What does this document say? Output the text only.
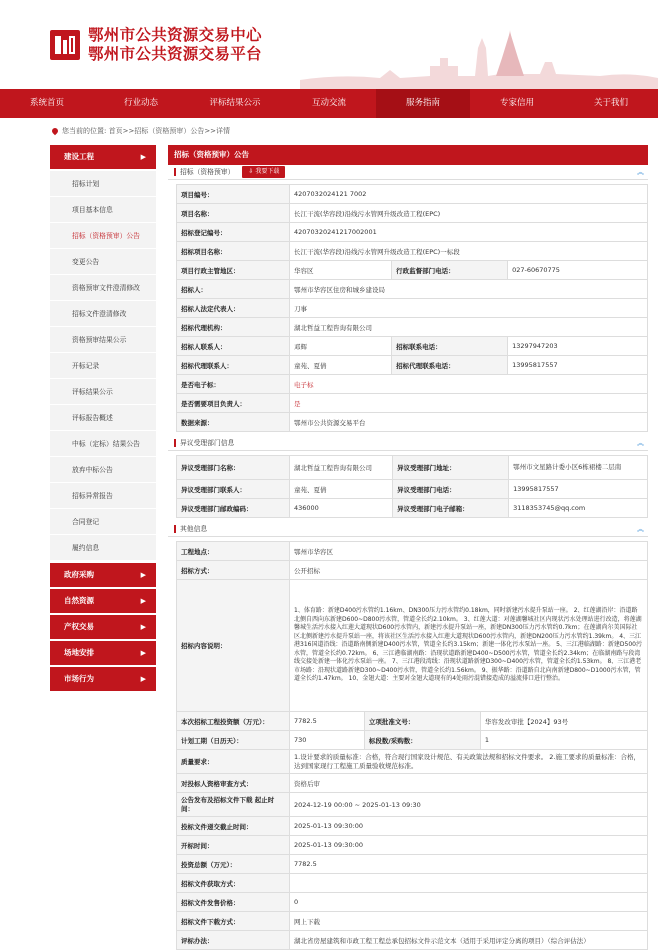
鄂州市公共资源交易中心
鄂州市公共资源交易平台
系统首页	行业动态	评标结果公示	互动交流	服务指南	专家信用	关于我们
您当前的位置: 首页>>招标（资格预审）公告>>详情
建设工程	▶
招标计划
项目基本信息
招标（资格预审）公告
变更公告
资格预审文件澄清修改
招标文件澄清修改
资格预审结果公示
开标记录
评标结果公示
评标报告概述
中标（定标）结果公告
放弃中标公告
招标异常报告
合同登记
履约信息
政府采购	▶
自然资源	▶
产权交易	▶
场地安排	▶
市场行为	▶
招标（资格预审）公告
招标（资格预审）	⇩ 我要下载	︽
项目编号：	4207032024121 7002		
项目名称：	长江干流(华容段)沿线污水管网升级改造工程(EPC)		
招标登记编号：	42070320241217002001		
招标项目名称：	长江干流(华容段)沿线污水管网升级改造工程(EPC)一标段		
项目行政主管地区：	华容区	行政监督部门电话：	027-60670775
招标人：	鄂州市华容区住房和城乡建设局		
招标人法定代表人：	刀事		
招标代理机构：	湖北哲益工程咨询有限公司		
招标人联系人：	邓辉	招标联系电话：	13297947203
招标代理联系人：	童苑、夏倩	招标代理联系电话：	13995817557
是否电子标：	电子标		
是否需要项目负责人：	是		
数据来源：	鄂州市公共资源交易平台		
异议受理部门信息	︽
异议受理部门名称：	湖北哲益工程咨询有限公司	异议受理部门地址：	鄂州市文星路计委小区6栋裙楼二层南
异议受理部门联系人：	童苑、夏倩	异议受理部门电话：	13995817557
异议受理部门邮政编码：	436000	异议受理部门电子邮箱：	3118353745@qq.com
其他信息	︽
工程地点：	鄂州市华容区		
招标方式：	公开招标		
招标内容说明：	1、体育路：新建D400污水管约1.16km、DN300压力污水管约0.18km，同时新建污水提升泵站一座。 2、红莲湖沿岸：沿道路北侧自西向东新建D600~D800污水管，管道全长约2.10km。 3、红莲大道：对莲湖馨城社区内现状污水处理站进行改造，将莲湖馨城生活污水接入红莲大道现状D600污水管内，新建污水提升泵站一座，新建DN300压力污水管约0.7km；在莲湖尚尔美国际社区北侧新建污水提升泵站一座，将该社区生活污水接入红莲大道现状D600污水管内，新建DN200压力污水管约1.39km。 4、三江港316国道沿线：沿道路南侧新建D400污水管，管道全长约3.15km；新建一体化污水泵站一座。 5、三江港临湖路：新建D500污水管，管道全长约0.72km。 6、三江港临湖南路：沿现状道路新建D400~D500污水管，管道全长约2.34km；在临湖南路与段湾线交接处新建一体化污水泵站一座。 7、三江港段湾线：沿现状道路新建D300~D400污水管，管道全长约1.53km。 8、三江港老市场路：沿现状道路新建D300~D400污水管，管道全长约1.56km。 9、振华路：沿道路自北向南新建D800~D1000污水管，管道全长约1.47km。 10、金翅大道：主要对金翅大道现有的4处雨污混错接造成的溢流排口进行整治。		
本次招标工程投资额（万元）：	7782.5	立项批准文号：	华容发改审批【2024】93号
计划工期（日历天）：	730	标段数/采购数：	1
质量要求：	1.设计要求的质量标准：合格，符合现行国家设计规范、有关政策法规和招标文件要求。 2.施工要求的质量标准：合格，达到国家现行工程施工质量验收规范标准。		
对投标人资格审查方式：	资格后审		
公告发布及招标文件下载 起止时间：	2024-12-19 00:00 ~ 2025-01-13 09:30		
投标文件递交截止时间：	2025-01-13 09:30:00		
开标时间：	2025-01-13 09:30:00		
投资总额（万元）：	7782.5		
招标文件获取方式：			
招标文件发售价格：	0		
招标文件下载方式：	网上下载		
评标办法：	湖北省房屋建筑和市政工程工程总承包招标文件示范文本（适用于采用评定分离的项目）（综合评估法）		
